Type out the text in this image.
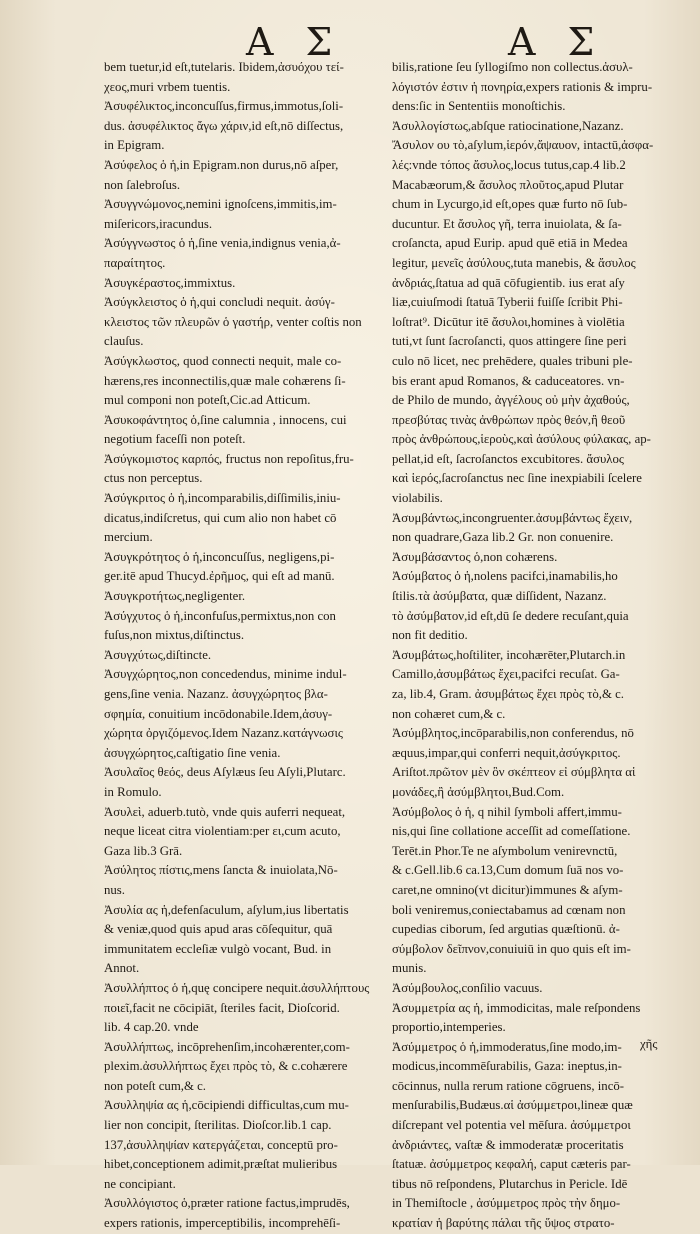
Α Σ	Α Σ
bem tuetur,id eſt,tutelaris. Ibidem,ἀσυόχου τεί-
χεος,muri vrbem tuentis.
Ἀσυφέλικτος,inconcuſſus,firmus,immotus,ſoli-
dus. ἀσυφέλικτος ἄγω χάριν,id eſt,nō diſſectus,
in Epigram.
Ἀσύφελος ὁ ἡ,in Epigram.non durus,nō aſper,
non ſalebroſus.
Ἀσυγγνώμονος,nemini ignoſcens,immitis,im-
miſericors,iracundus.
Ἀσύγγνωστος ὁ ἡ,ſine venia,indignus venia,ἀ-
παραίτητος.
Ἀσυγκέραστος,immixtus.
Ἀσύγκλειστος ὁ ἡ,qui concludi nequit. ἀσύγ-
κλειστος τῶν πλευρῶν ὁ γαστήρ, venter coſtis non
clauſus.
Ἀσύγκλωστος, quod connecti nequit, male co-
hærens,res inconnectilis,quæ male cohærens ſi-
mul componi non poteſt,Cic.ad Atticum.
Ἀσυκοφάντητος ὁ,ſine calumnia , innocens, cui
negotium faceſſi non poteſt.
Ἀσύγκομιστος καρπός, fructus non repoſitus,fru-
ctus non perceptus.
Ἀσύγκριτος ὁ ἡ,incomparabilis,diſſimilis,iniu-
dicatus,indiſcretus, qui cum alio non habet cō
mercium.
Ἀσυγκρότητος ὁ ἡ,inconcuſſus, negligens,pi-
ger.itē apud Thucyd.ἐρῆμος, qui eſt ad manū.
Ἀσυγκροτήτως,negligenter.
Ἀσύγχυτος ὁ ἡ,inconfuſus,permixtus,non con
fuſus,non mixtus,diſtinctus.
Ἀσυγχύτως,diſtincte.
Ἀσυγχώρητος,non concedendus, minime indul-
gens,ſine venia. Nazanz. ἀσυγχώρητος βλα-
σφημία, conuitium incōdonabile.Idem,ἀσυγ-
χώρητα ὀργιζόμενος.Idem Nazanz.κατάγνωσις
ἀσυγχώρητος,caſtigatio ſine venia.
Ἀσυλαῖος θεός, deus Aſylæus ſeu Aſyli,Plutarc.
in Romulo.
Ἀσυλεὶ, aduerb.tutò, vnde quis auferri nequeat,
neque liceat citra violentiam:per ει,cum acuto,
Gaza lib.3 Grā.
Ἀσύλητος πίστις,mens ſancta & inuiolata,Nō-
nus.
Ἀσυλία ας ἡ,defenſaculum, aſylum,ius libertatis
& veniæ,quod quis apud aras cōſequitur, quā
immunitatem eccleſiæ vulgò vocant, Bud. in
Annot.
Ἀσυλλήπτος ὁ ἡ,quę concipere nequit.ἀσυλλήπτους
ποιεῖ,facit ne cōcipiāt, ſteriles facit, Dioſcorid.
lib. 4 cap.20. vnde
Ἀσυλλήπτως, incōprehenſim,incohærenter,com-
plexim.ἀσυλλήπτως ἔχει πρὸς τὸ, & c.cohærere
non poteſt cum,& c.
Ἀσυλληψία ας ἡ,cōcipiendi difficultas,cum mu-
lier non concipit, ſterilitas. Dioſcor.lib.1 cap.
137,ἀσυλληψίαν κατεργάζεται, conceptū pro-
hibet,conceptionem adimit,præſtat mulieribus
ne concipiant.
Ἀσυλλόγιστος ὁ,præter ratione factus,imprudēs,
expers rationis, imperceptibilis, incomprehēſi-
bilis,ratione ſeu ſyllogiſmo non collectus.ἀσυλ-
λόγιστόν ἐστιν ἡ πονηρία,expers rationis & impru-
dens:ſic in Sententiis monoſtichis.
Ἀσυλλογίστως,abſque ratiocinatione,Nazanz.
Ἄσυλον ου τὸ,aſylum,ἱερόν,ἄψαυον, intactū,ἀσφα-
λές:vnde τόπος ἄσυλος,locus tutus,cap.4 lib.2
Macabæorum,& ἄσυλος πλοῦτος,apud Plutar
chum in Lycurgo,id eſt,opes quæ furto nō ſub-
ducuntur. Et ἄσυλος γῆ, terra inuiolata, & ſa-
croſancta, apud Eurip. apud quē etiā in Medea
legitur, μενεῖς ἀσύλους,tuta manebis, & ἄσυλος
ἀνδριάς,ſtatua ad quā cōfugientib. ius erat aſy
liæ,cuiuſmodi ſtatuā Tyberii fuiſſe ſcribit Phi-
loſtrat⁹. Dicūtur itē ἄσυλοι,homines à violētia
tuti,vt ſunt ſacroſancti, quos attingere ſine peri
culo nō licet, nec prehēdere, quales tribuni ple-
bis erant apud Romanos, & caduceatores. vn-
de Philo de mundo, ἀγγέλους οὐ μὴν ἀχαθούς,
πρεσβύτας τινὰς ἀνθρώπων πρὸς θεόν,ἢ θεοῦ
πρὸς ἀνθρώπους,ἱεροὺς,καὶ ἀσύλους φύλακας, ap-
pellat,id eſt, ſacroſanctos excubitores. ἄσυλος
καὶ ἱερός,ſacroſanctus nec ſine inexpiabili ſcelere
violabilis.
Ἀσυμβάντως,incongruenter.ἀσυμβάντως ἔχειν,
non quadrare,Gaza lib.2 Gr. non conuenire.
Ἀσυμβάσαντος ὁ,non cohærens.
Ἀσύμβατος ὁ ἡ,nolens pacifci,inamabilis,ho
ſtilis.τὰ ἀσύμβατα, quæ diſſident, Nazanz.
τὸ ἀσύμβατον,id eſt,dū ſe dedere recuſant,quia
non fit deditio.
Ἀσυμβάτως,hoſtiliter, incohærēter,Plutarch.in
Camillo,ἀσυμβάτως ἔχει,pacifci recuſat. Ga-
za, lib.4, Gram. ἀσυμβάτως ἔχει πρὸς τὸ,& c.
non cohæret cum,& c.
Ἀσύμβλητος,incōparabilis,non conferendus, nō
æquus,impar,qui conferri nequit,ἀσύγκριτος.
Ariſtot.πρῶτον μὲν ὃν σκέπτεον εἰ σύμβλητα αἱ
μονάδες,ἢ ἀσύμβλητοι,Bud.Com.
Ἀσύμβολος ὁ ἡ, q nihil ſymboli affert,immu-
nis,qui ſine collatione acceſſit ad comeſſatione.
Terēt.in Phor.Te ne aſymbolum venirevnctū,
& c.Gell.lib.6 ca.13,Cum domum ſuā nos vo-
caret,ne omnino(vt dicitur)immunes & aſym-
boli veniremus,coniectabamus ad cœnam non
cupedias ciborum, ſed argutias quæſtionū. ἀ-
σύμβολον δεῖπνον,conuiuiū in quo quis eſt im-
munis.
Ἀσύμβουλος,conſilio vacuus.
Ἀσυμμετρία ας ἡ, immodicitas, male reſpondens
proportio,intemperies.
Ἀσύμμετρος ὁ ἡ,immoderatus,ſine modo,im-
modicus,incommēſurabilis, Gaza: ineptus,in-
cōcinnus, nulla rerum ratione cōgruens, incō-
menſurabilis,Budæus.αἱ ἀσύμμετροι,lineæ quæ
diſcrepant vel potentia vel mēſura. ἀσύμμετροι
ἀνδριάντες, vaſtæ & immoderatæ proceritatis
ſtatuæ. ἀσύμμετρος κεφαλή, caput cæteris par-
tibus nō reſpondens, Plutarchus in Pericle. Idē
in Themiſtocle , ἀσύμμετρος πρὸς τὴν δημο-
κρατίαν ἡ βαρύτης πάλαι τῆς ὕψος στρατο-
χῆς
